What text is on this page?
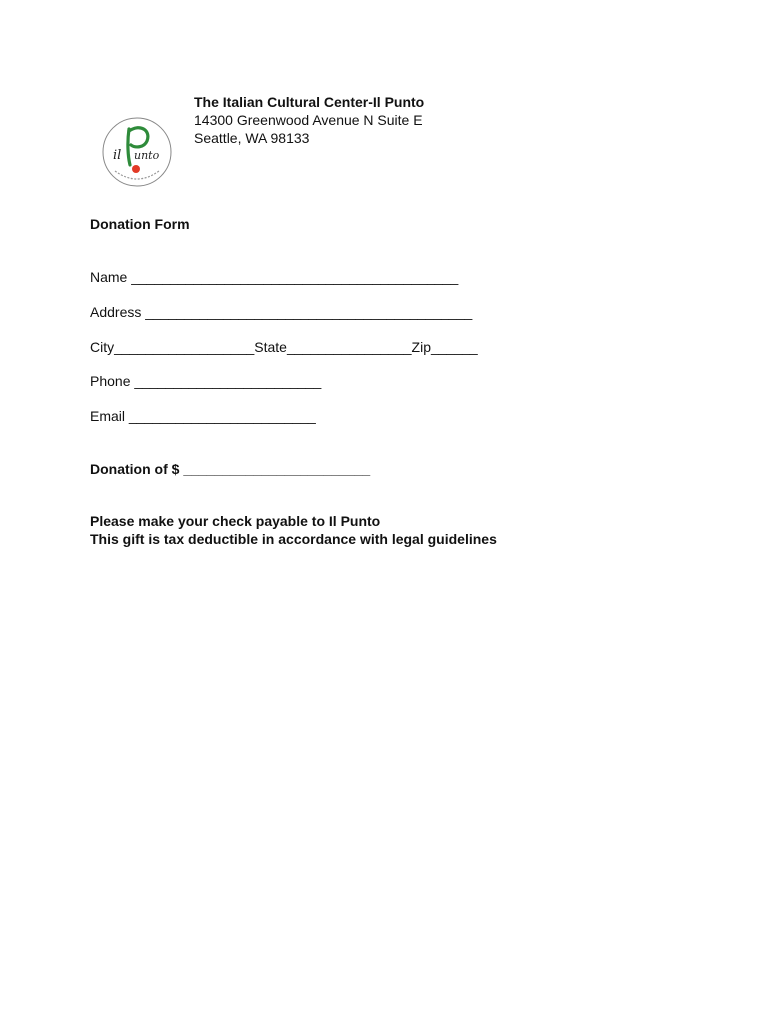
il unto
The Italian Cultural Center-Il Punto
14300 Greenwood Avenue N Suite E
Seattle, WA 98133
Donation Form
Name __________________________________________
Address __________________________________________
City__________________State________________Zip______
Phone ________________________
Email ________________________
Donation of $ ________________________
Please make your check payable to Il Punto
This gift is tax deductible in accordance with legal guidelines
